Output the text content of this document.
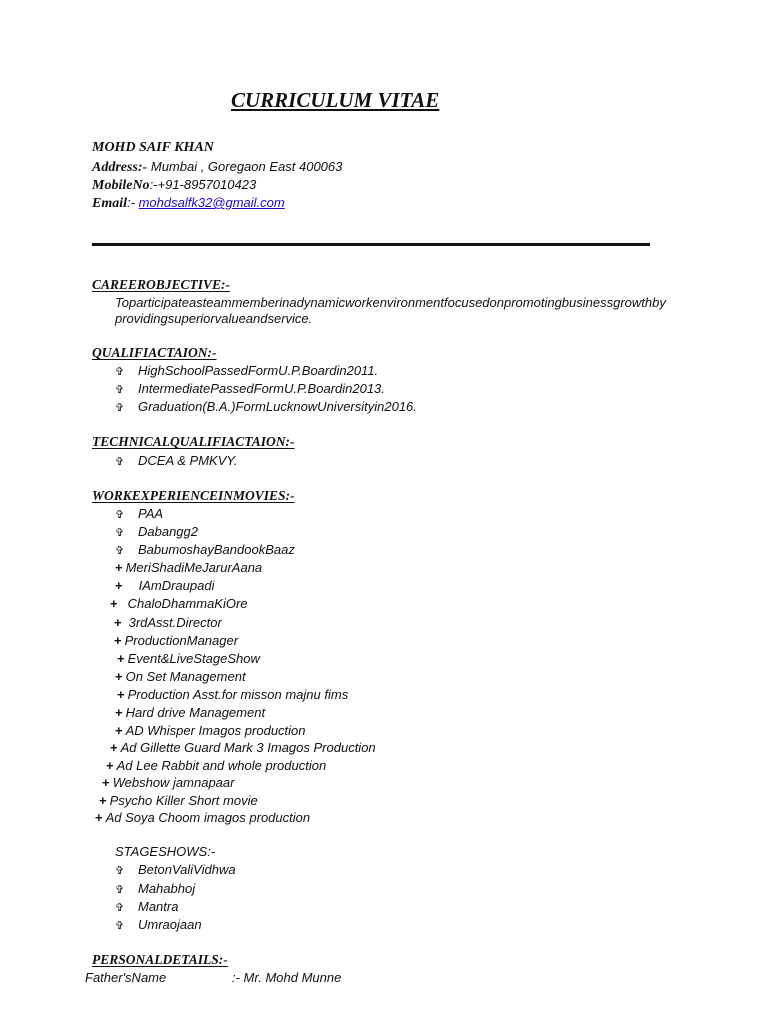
CURRICULUM VITAE
MOHD SAIF KHAN
Address:- Mumbai , Goregaon East 400063
MobileNo:-+91-8957010423
Email:- mohdsalfk32@gmail.com
CAREEROBJECTIVE:-
Toparticipateasteammemberinadynamicworkenvironmentfocusedonpromotingbusinessgrowthby
providingsuperiorvalueandservice.
QUALIFIACTAION:-
✞ HighSchoolPassedFormU.P.Boardin2011.
✞ IntermediatePassedFormU.P.Boardin2013.
✞ Graduation(B.A.)FormLucknowUniversityin2016.
TECHNICALQUALIFIACTAION:-
✞ DCEA & PMKVY.
WORKEXPERIENCEINMOVIES:-
✞ PAA
✞ Dabangg2
✞ BabumoshayBandookBaaz
+ MeriShadiMeJarurAana
+ IAmDraupadi
+ ChaloDhammaKiOre
+ 3rdAsst.Director
+ ProductionManager
+ Event&LiveStageShow
+ On Set Management
+ Production Asst.for misson majnu fims
+ Hard drive Management
+ AD Whisper Imagos production
+ Ad Gillette Guard Mark 3 Imagos Production
+ Ad Lee Rabbit and whole production
+ Webshow jamnapaar
+ Psycho Killer Short movie
+ Ad Soya Choom imagos production
STAGESHOWS:-
✞ BetonValiVidhwa
✞ Mahabhoj
✞ Mantra
✞ Umraojaan
PERSONALDETAILS:-
Father'sName	:- Mr. Mohd Munne
